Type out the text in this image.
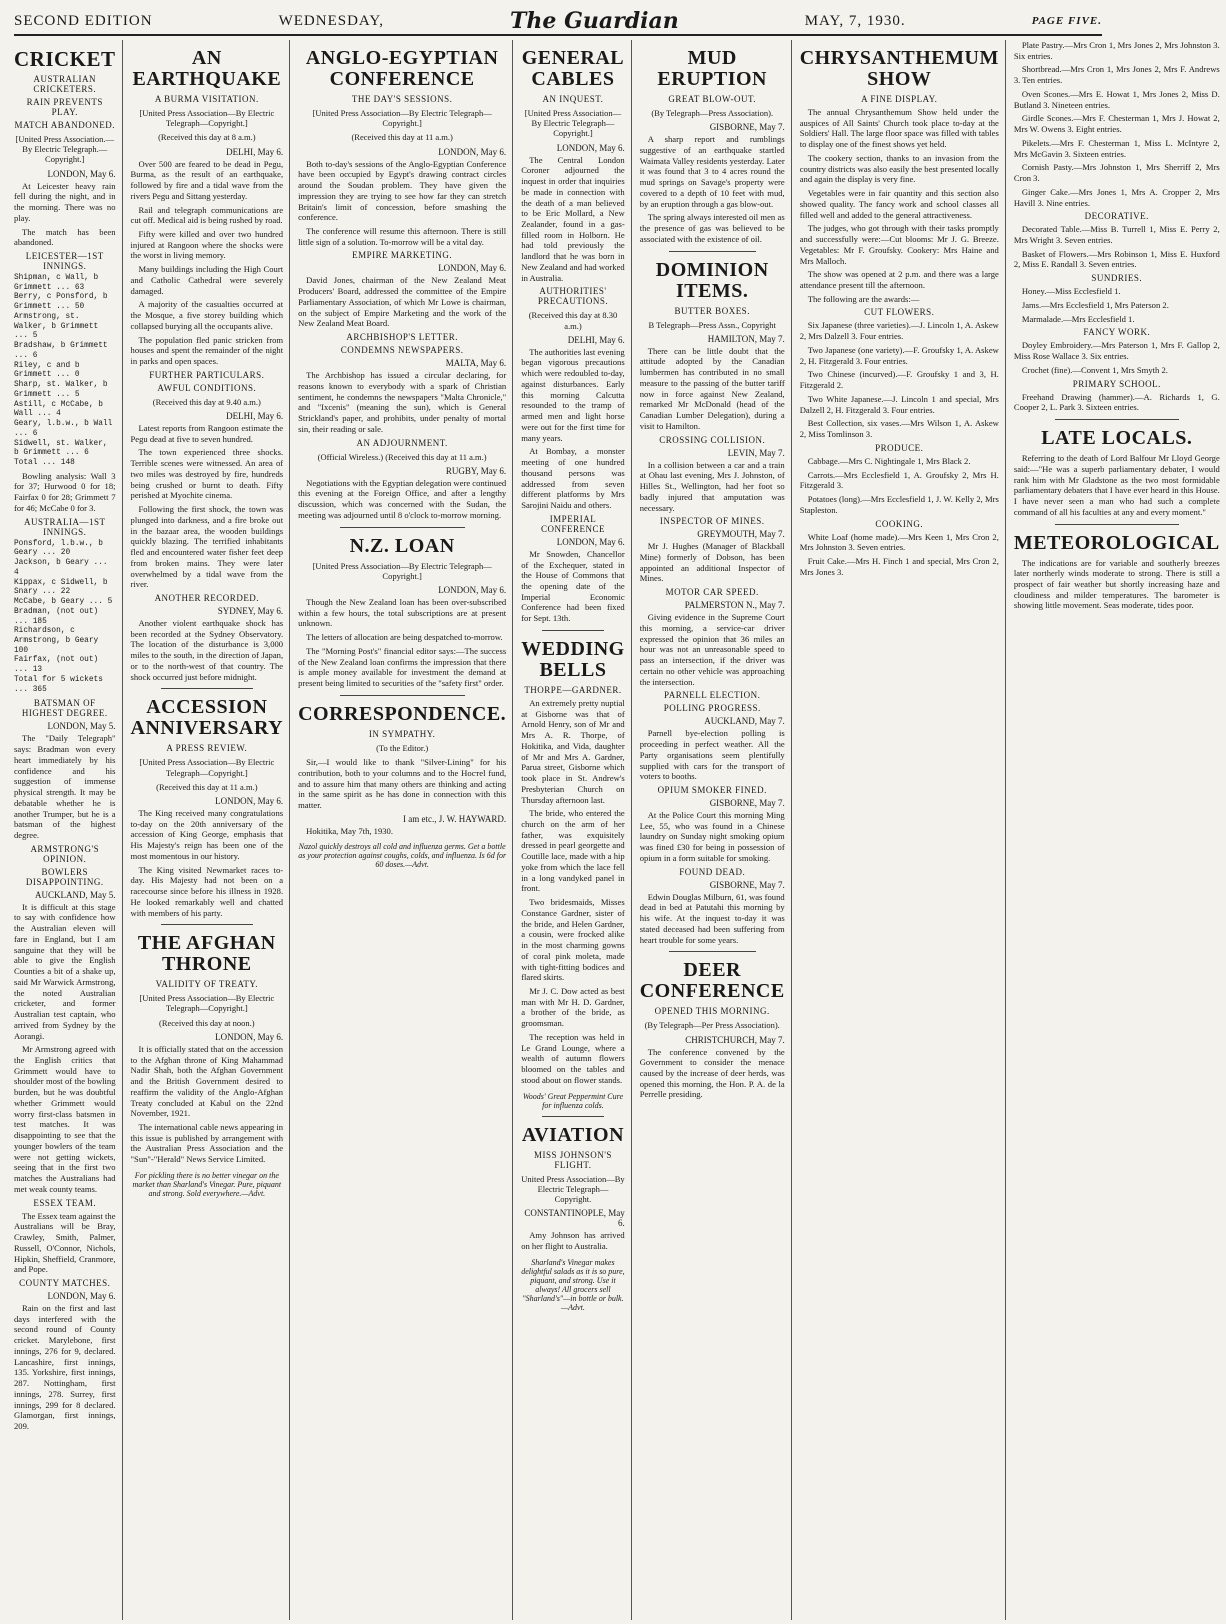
SECOND EDITION	WEDNESDAY,	The Guardian	MAY, 7, 1930.	PAGE FIVE.
CRICKET
AUSTRALIAN CRICKETERS.
RAIN PREVENTS PLAY.
MATCH ABANDONED.
[United Press Association.—By Electric Telegraph.—Copyright.]
LONDON, May 6.

At Leicester heavy rain fell during the night, and in the morning. There was no play.

The match has been abandoned.

LEICESTER—1ST INNINGS.
Shipman, c Wall, b Grimmett ... 63
Berry, c Ponsford, b Grimmett ... 50
Armstrong, st. Walker, b Grimmett ... 5
Bradshaw, b Grimmett ... 6
Riley, c and b Grimmett ... 0
Sharp, st. Walker, b Grimmett ... 5
Astill, c McCabe, b Wall ... 4
Geary, l.b.w., b Wall ... 6
Sidwell, st. Walker, b Grimmett ... 6
Total ... 148

Bowling analysis: Wall 3 for 37; Hurwood 0 for 18; Fairfax 0 for 28; Grimmett 7 for 46; McCabe 0 for 3.

AUSTRALIA—1ST INNINGS.
Ponsford, l.b.w., b Geary ... 20
Jackson, b Geary ... 4
Kippax, c Sidwell, b Snary ... 22
McCabe, b Geary ... 5
Bradman, (not out) ... 185
Richardson, c Armstrong, b Geary 100
Fairfax, (not out) ... 13
Total for 5 wickets ... 365
BATSMAN OF HIGHEST DEGREE.
LONDON, May 5.

The "Daily Telegraph" says: Bradman won every heart immediately by his confidence and his suggestion of immense physical strength. It may be debatable whether he is another Trumper, but he is a batsman of the highest degree.

ARMSTRONG'S OPINION.
BOWLERS DISAPPOINTING.
AUCKLAND, May 5.

It is difficult at this stage to say with confidence how the Australian eleven will fare in England, but I am sanguine that they will be able to give the English Counties a bit of a shake up, said Mr Warwick Armstrong, the noted Australian cricketer, and former Australian test captain, who arrived from Sydney by the Aorangi.

Mr Armstrong agreed with the English critics that Grimmett would have to shoulder most of the bowling burden, but he was doubtful whether Grimmett would worry first-class batsmen in test matches. It was disappointing to see that the younger bowlers of the team were not getting wickets, seeing that in the first two matches the Australians had met weak county teams.

ESSEX TEAM.

The Essex team against the Australians will be Bray, Crawley, Smith, Palmer, Russell, O'Connor, Nichols, Hipkin, Sheffield, Cranmore, and Pope.

COUNTY MATCHES.
LONDON, May 6.

Rain on the first and last days interfered with the second round of County cricket. Marylebone, first innings, 276 for 9, declared. Lancashire, first innings, 135. Yorkshire, first innings, 287. Nottingham, first innings, 278. Surrey, first innings, 299 for 8 declared. Glamorgan, first innings, 209.

AN EARTHQUAKE
A BURMA VISITATION.
[United Press Association—By Electric Telegraph—Copyright.]
(Received this day at 8 a.m.)
DELHI, May 6.

Over 500 are feared to be dead in Pegu, Burma, as the result of an earthquake, followed by fire and a tidal wave from the rivers Pegu and Sittang yesterday.

Rail and telegraph communications are cut off. Medical aid is being rushed by road.

Fifty were killed and over two hundred injured at Rangoon where the shocks were the worst in living memory.

Many buildings including the High Court and Catholic Cathedral were severely damaged.

A majority of the casualties occurred at the Mosque, a five storey building which collapsed burying all the occupants alive.

The population fled panic stricken from houses and spent the remainder of the night in parks and open spaces.

FURTHER PARTICULARS.
AWFUL CONDITIONS.
(Received this day at 9.40 a.m.)
DELHI, May 6.

Latest reports from Rangoon estimate the Pegu dead at five to seven hundred.

The town experienced three shocks. Terrible scenes were witnessed. An area of two miles was destroyed by fire, hundreds being crushed or burnt to death. Fifty perished at Myochite cinema.

Following the first shock, the town was plunged into darkness, and a fire broke out in the bazaar area, the wooden buildings quickly blazing. The terrified inhabitants fled and encountered water fisher feet deep from broken mains. They were later overwhelmed by a tidal wave from the river.

ANOTHER RECORDED.
SYDNEY, May 6.

Another violent earthquake shock has been recorded at the Sydney Observatory. The location of the disturbance is 3,000 miles to the south, in the direction of Japan, or to the north-west of that country. The shock occurred just before midnight.

ACCESSION ANNIVERSARY
A PRESS REVIEW.
[United Press Association—By Electric Telegraph—Copyright.]
(Received this day at 11 a.m.)
LONDON, May 6.

The King received many congratulations to-day on the 20th anniversary of the accession of King George, emphasis that His Majesty's reign has been one of the most momentous in our history.

The King visited Newmarket races to-day. His Majesty had not been on a racecourse since before his illness in 1928. He looked remarkably well and chatted with members of his party.

THE AFGHAN THRONE
VALIDITY OF TREATY.
[United Press Association—By Electric Telegraph—Copyright.]
(Received this day at noon.)
LONDON, May 6.

It is officially stated that on the accession to the Afghan throne of King Mahammad Nadir Shah, both the Afghan Government and the British Government desired to reaffirm the validity of the Anglo-Afghan Treaty concluded at Kabul on the 22nd November, 1921.

The international cable news appearing in this issue is published by arrangement with the Australian Press Association and the "Sun"-"Herald" News Service Limited.

For pickling there is no better vinegar on the market than Sharland's Vinegar. Pure, piquant and strong. Sold everywhere.—Advt.
ANGLO-EGYPTIAN CONFERENCE
THE DAY'S SESSIONS.
[United Press Association—By Electric Telegraph—Copyright.]
(Received this day at 11 a.m.)
LONDON, May 6.

Both to-day's sessions of the Anglo-Egyptian Conference have been occupied by Egypt's drawing contract circles around the Soudan problem. They have given the impression they are trying to see how far they can stretch Britain's limit of concession, before smashing the conference.

The conference will resume this afternoon. There is still little sign of a solution. To-morrow will be a vital day.

EMPIRE MARKETING.
LONDON, May 6.

David Jones, chairman of the New Zealand Meat Producers' Board, addressed the committee of the Empire Parliamentary Association, of which Mr Lowe is chairman, on the subject of Empire Marketing and the work of the New Zealand Meat Board.

ARCHBISHOP'S LETTER.
CONDEMNS NEWSPAPERS.
MALTA, May 6.

The Archbishop has issued a circular declaring, for reasons known to everybody with a spark of Christian sentiment, he condemns the newspapers "Malta Chronicle," and "Ixcenis" (meaning the sun), which is General Strickland's paper, and prohibits, under penalty of mortal sin, their reading or sale.

AN ADJOURNMENT.
(Official Wireless.) (Received this day at 11 a.m.)
RUGBY, May 6.

Negotiations with the Egyptian delegation were continued this evening at the Foreign Office, and after a lengthy discussion, which was concerned with the Sudan, the meeting was adjourned until 8 o'clock to-morrow morning.

N.Z. LOAN
[United Press Association—By Electric Telegraph—Copyright.]
LONDON, May 6.

Though the New Zealand loan has been over-subscribed within a few hours, the total subscriptions are at present unknown.

The letters of allocation are being despatched to-morrow.

The "Morning Post's" financial editor says:—The success of the New Zealand loan confirms the impression that there is ample money available for investment the demand at present being limited to securities of the "safety first" order.

CORRESPONDENCE.
IN SYMPATHY.
(To the Editor.)

Sir,—I would like to thank "Silver-Lining" for his contribution, both to your columns and to the Hoстel fund, and to assure him that many others are thinking and acting in the same spirit as he has done in connection with this matter.

I am etc., J. W. HAYWARD.

Hokitika, May 7th, 1930.

Nazol quickly destroys all cold and influenza germs. Get a bottle as your protection against coughs, colds, and influenza. Is 6d for 60 doses.—Advt.
GENERAL CABLES
AN INQUEST.
[United Press Association—By Electric Telegraph—Copyright.]
LONDON, May 6.

The Central London Coroner adjourned the inquest in order that inquiries be made in connection with the death of a man believed to be Eric Mollard, a New Zealander, found in a gas-filled room in Holborn. He had told previously the landlord that he was born in New Zealand and had worked in Australia.

AUTHORITIES' PRECAUTIONS.
(Received this day at 8.30 a.m.)
DELHI, May 6.

The authorities last evening began vigorous precautions which were redoubled to-day, against disturbances. Early this morning Calcutta resounded to the tramp of armed men and light horse were out for the first time for many years.

At Bombay, a monster meeting of one hundred thousand persons was addressed from seven different platforms by Mrs Sarojini Naidu and others.

IMPERIAL CONFERENCE
LONDON, May 6.

Mr Snowden, Chancellor of the Exchequer, stated in the House of Commons that the opening date of the Imperial Economic Conference had been fixed for Sept. 13th.

WEDDING BELLS
THORPE—GARDNER.

An extremely pretty nuptial at Gisborne was that of Arnold Henry, son of Mr and Mrs A. R. Thorpe, of Hokitika, and Vida, daughter of Mr and Mrs A. Gardner, Parua street, Gisborne which took place in St. Andrew's Presbyterian Church on Thursday afternoon last.

The bride, who entered the church on the arm of her father, was exquisitely dressed in pearl georgette and Coutille lace, made with a hip yoke from which the lace fell in a long vandyked panel in front.

Two bridesmaids, Misses Constance Gardner, sister of the bride, and Helen Gardner, a cousin, were frocked alike in the most charming gowns of coral pink moleta, made with tight-fitting bodices and flared skirts.

Mr J. C. Dow acted as best man with Mr H. D. Gardner, a brother of the bride, as groomsman.

The reception was held in Le Grand Lounge, where a wealth of autumn flowers bloomed on the tables and stood about on flower stands.

Woods' Great Peppermint Cure for influenza colds.
AVIATION
MISS JOHNSON'S FLIGHT.
United Press Association—By Electric Telegraph—Copyright.
CONSTANTINOPLE, May 6.

Amy Johnson has arrived on her flight to Australia.

Sharland's Vinegar makes delightful salads as it is so pure, piquant, and strong. Use it always! All grocers sell "Sharland's"—in bottle or bulk.—Advt.
MUD ERUPTION
GREAT BLOW-OUT.
(By Telegraph—Press Association).
GISBORNE, May 7.

A sharp report and rumblings suggestive of an earthquake startled Waimata Valley residents yesterday. Later it was found that 3 to 4 acres round the mud springs on Savage's property were covered to a depth of 10 feet with mud, by an eruption through a gas blow-out.

The spring always interested oil men as the presence of gas was believed to be associated with the existence of oil.

DOMINION ITEMS.
BUTTER BOXES.
B Telegraph—Press Assn., Copyright
HAMILTON, May 7.

There can be little doubt that the attitude adopted by the Canadian lumbermen has contributed in no small measure to the passing of the butter tariff now in force against New Zealand, remarked Mr McDonald (head of the Canadian Lumber Delegation), during a visit to Hamilton.

CROSSING COLLISION.
LEVIN, May 7.

In a collision between a car and a train at Ohau last evening, Mrs J. Johnston, of Hilles St., Wellington, had her foot so badly injured that amputation was necessary.

INSPECTOR OF MINES.
GREYMOUTH, May 7.

Mr J. Hughes (Manager of Blackball Mine) formerly of Dobson, has been appointed an additional Inspector of Mines.

MOTOR CAR SPEED.
PALMERSTON N., May 7.

Giving evidence in the Supreme Court this morning, a service-car driver expressed the opinion that 36 miles an hour was not an unreasonable speed to pass an intersection, if the driver was certain no other vehicle was approaching the intersection.

PARNELL ELECTION.
POLLING PROGRESS.
AUCKLAND, May 7.

Parnell bye-election polling is proceeding in perfect weather. All the Party organisations seem plentifully supplied with cars for the transport of voters to booths.

OPIUM SMOKER FINED.
GISBORNE, May 7.

At the Police Court this morning Ming Lee, 55, who was found in a Chinese laundry on Sunday night smoking opium was fined £30 for being in possession of opium in a form suitable for smoking.

FOUND DEAD.
GISBORNE, May 7.

Edwin Douglas Milburn, 61, was found dead in bed at Patutahi this morning by his wife. At the inquest to-day it was stated deceased had been suffering from heart trouble for some years.

DEER CONFERENCE
OPENED THIS MORNING.
(By Telegraph—Per Press Association).
CHRISTCHURCH, May 7.

The conference convened by the Government to consider the menace caused by the increase of deer herds, was opened this morning, the Hon. P. A. de la Perrelle presiding.

CHRYSANTHEMUM SHOW
A FINE DISPLAY.

The annual Chrysanthemum Show held under the auspices of All Saints' Church took place to-day at the Soldiers' Hall. The large floor space was filled with tables to display one of the finest shows yet held.

The cookery section, thanks to an invasion from the country districts was also easily the best presented locally and again the display is very fine.

Vegetables were in fair quantity and this section also showed quality. The fancy work and school classes all filled well and added to the general attractiveness.

The judges, who got through with their tasks promptly and successfully were:—Cut blooms: Mr J. G. Breeze. Vegetables: Mr F. Groufsky. Cookery: Mrs Haine and Mrs Malloch.

The show was opened at 2 p.m. and there was a large attendance present till the afternoon.

The following are the awards:—

CUT FLOWERS.

Six Japanese (three varieties).—J. Lincoln 1, A. Askew 2, Mrs Dalzell 3. Four entries.

Two Japanese (one variety).—F. Groufsky 1, A. Askew 2, H. Fitzgerald 3. Four entries.

Two Chinese (incurved).—F. Groufsky 1 and 3, H. Fitzgerald 2.

Two White Japanese.—J. Lincoln 1 and special, Mrs Dalzell 2, H. Fitzgerald 3. Four entries.

Best Collection, six vases.—Mrs Wilson 1, A. Askew 2, Miss Tomlinson 3.

PRODUCE.

Cabbage.—Mrs C. Nightingale 1, Mrs Black 2.

Carrots.—Mrs Ecclesfield 1, A. Groufsky 2, Mrs H. Fitzgerald 3.

Potatoes (long).—Mrs Ecclesfield 1, J. W. Kelly 2, Mrs Stapleston.

COOKING.

White Loaf (home made).—Mrs Keen 1, Mrs Cron 2, Mrs Johnston 3. Seven entries.

Fruit Cake.—Mrs H. Finch 1 and special, Mrs Cron 2, Mrs Jones 3.

Plate Pastry.—Mrs Cron 1, Mrs Jones 2, Mrs Johnston 3. Six entries.

Shortbread.—Mrs Cron 1, Mrs Jones 2, Mrs F. Andrews 3. Ten entries.

Oven Scones.—Mrs E. Howat 1, Mrs Jones 2, Miss D. Butland 3. Nineteen entries.

Girdle Scones.—Mrs F. Chesterman 1, Mrs J. Howat 2, Mrs W. Owens 3. Eight entries.

Pikelets.—Mrs F. Chesterman 1, Miss L. McIntyre 2, Mrs McGavin 3. Sixteen entries.

Cornish Pasty.—Mrs Johnston 1, Mrs Sherriff 2, Mrs Cron 3.

Ginger Cake.—Mrs Jones 1, Mrs A. Cropper 2, Mrs Havill 3. Nine entries.

DECORATIVE.

Decorated Table.—Miss B. Turrell 1, Miss E. Perry 2, Mrs Wright 3. Seven entries.

Basket of Flowers.—Mrs Robinson 1, Miss E. Huxford 2, Miss E. Randall 3. Seven entries.

SUNDRIES.

Honey.—Miss Ecclesfield 1.

Jams.—Mrs Ecclesfield 1, Mrs Paterson 2.

Marmalade.—Mrs Ecclesfield 1.

FANCY WORK.

Doyley Embroidery.—Mrs Paterson 1, Mrs F. Gallop 2, Miss Rose Wallace 3. Six entries.

Crochet (fine).—Convent 1, Mrs Smyth 2.

PRIMARY SCHOOL.

Freehand Drawing (hammer).—A. Richards 1, G. Cooper 2, L. Park 3. Sixteen entries.

LATE LOCALS.

Referring to the death of Lord Balfour Mr Lloyd George said:—"He was a superb parliamentary debater, I would rank him with Mr Gladstone as the two most formidable parliamentary debaters that I have ever heard in this House. I have never seen a man who had such a complete command of all his faculties at any and every moment."

METEOROLOGICAL

The indications are for variable and southerly breezes later northerly winds moderate to strong. There is still a prospect of fair weather but shortly increasing haze and cloudiness and milder temperatures. The barometer is showing little movement. Seas moderate, tides poor.
